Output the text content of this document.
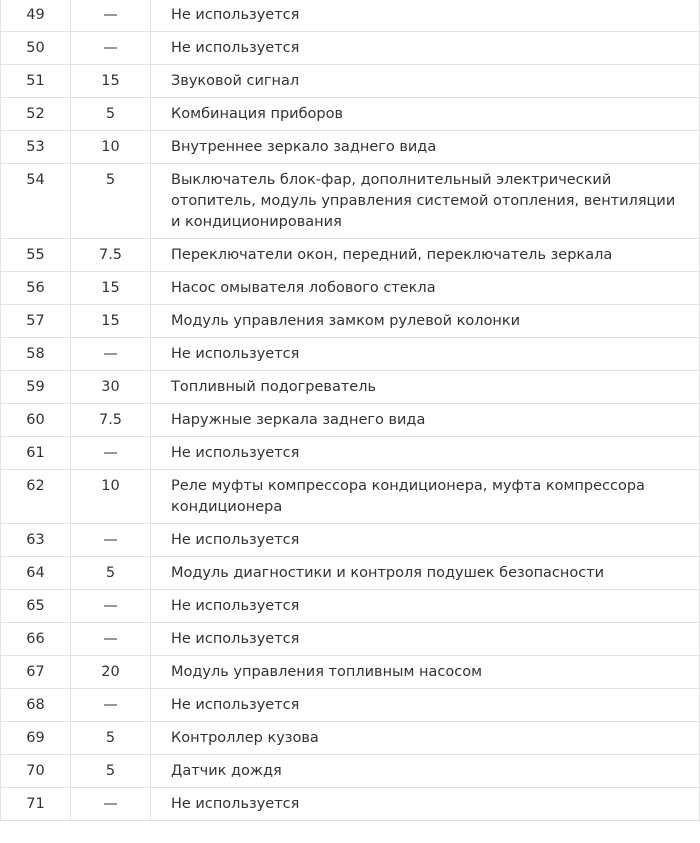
49	—	Не используется
50	—	Не используется
51	15	Звуковой сигнал
52	5	Комбинация приборов
53	10	Внутреннее зеркало заднего вида
54	5	Выключатель блок-фар, дополнительный электрический отопитель, модуль управления системой отопления, вентиляции и кондиционирования
55	7.5	Переключатели окон, передний, переключатель зеркала
56	15	Насос омывателя лобового стекла
57	15	Модуль управления замком рулевой колонки
58	—	Не используется
59	30	Топливный подогреватель
60	7.5	Наружные зеркала заднего вида
61	—	Не используется
62	10	Реле муфты компрессора кондиционера, муфта компрессора кондиционера
63	—	Не используется
64	5	Модуль диагностики и контроля подушек безопасности
65	—	Не используется
66	—	Не используется
67	20	Модуль управления топливным насосом
68	—	Не используется
69	5	Контроллер кузова
70	5	Датчик дождя
71	—	Не используется
